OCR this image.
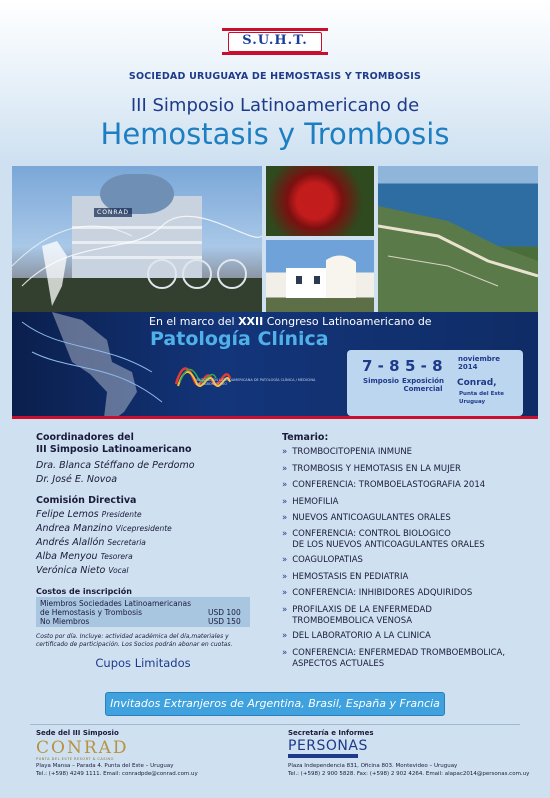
S.U.H.T.
SOCIEDAD URUGUAYA DE HEMOSTASIS Y TROMBOSIS
III Simposio Latinoamericano de
Hemostasis y Trombosis
CONRAD
En el marco del XXII Congreso Latinoamericano de
Patología Clínica
ASOCIACIÓN LATINOAMERICANA DE PATOLOGÍA CLÍNICA / MEDICINA DE LABORATORIO
7 - 8
Simposio
5 - 8
Exposición
Comercial
noviembre
2014
Conrad,
Punta del Este
Uruguay
Coordinadores del
III Simposio Latinoamericano
Dra. Blanca Stéffano de Perdomo
Dr. José E. Novoa
Comisión Directiva
Felipe Lemos Presidente
Andrea Manzino Vicepresidente
Andrés Alallón Secretaria
Alba Menyou Tesorera
Verónica Nieto Vocal
Costos de inscripción
Miembros Sociedades Latinoamericanas
de Hemostasis y Trombosis	USD 100
No Miembros	USD 150
Costo por día. Incluye: actividad académica del día,materiales y
certificado de participación. Los Socios podrán abonar en cuotas.
Cupos Limitados
Temario:
» TROMBOCITOPENIA INMUNE
» TROMBOSIS Y HEMOTASIS EN LA MUJER
» CONFERENCIA: TROMBOELASTOGRAFIA 2014
» HEMOFILIA
» NUEVOS ANTICOAGULANTES ORALES
» CONFERENCIA: CONTROL BIOLOGICO
DE LOS NUEVOS ANTICOAGULANTES ORALES
» COAGULOPATIAS
» HEMOSTASIS EN PEDIATRIA
» CONFERENCIA: INHIBIDORES ADQUIRIDOS
» PROFILAXIS DE LA ENFERMEDAD
TROMBOEMBOLICA VENOSA
» DEL LABORATORIO A LA CLINICA
» CONFERENCIA: ENFERMEDAD TROMBOEMBOLICA,
ASPECTOS ACTUALES
Invitados Extranjeros de Argentina, Brasil, España y Francia
Sede del III Simposio
CONRAD
PUNTA DEL ESTE RESORT & CASINO
Playa Mansa – Parada 4. Punta del Este – Uruguay
Tel.: (+598) 4249 1111. Email: conradpde@conrad.com.uy
Secretaría e Informes
PERSONAS
Plaza Independencia 831, Oficina 803. Montevideo – Uruguay
Tel.: (+598) 2 900 5828. Fax: (+598) 2 902 4264. Email: alapac2014@personas.com.uy
